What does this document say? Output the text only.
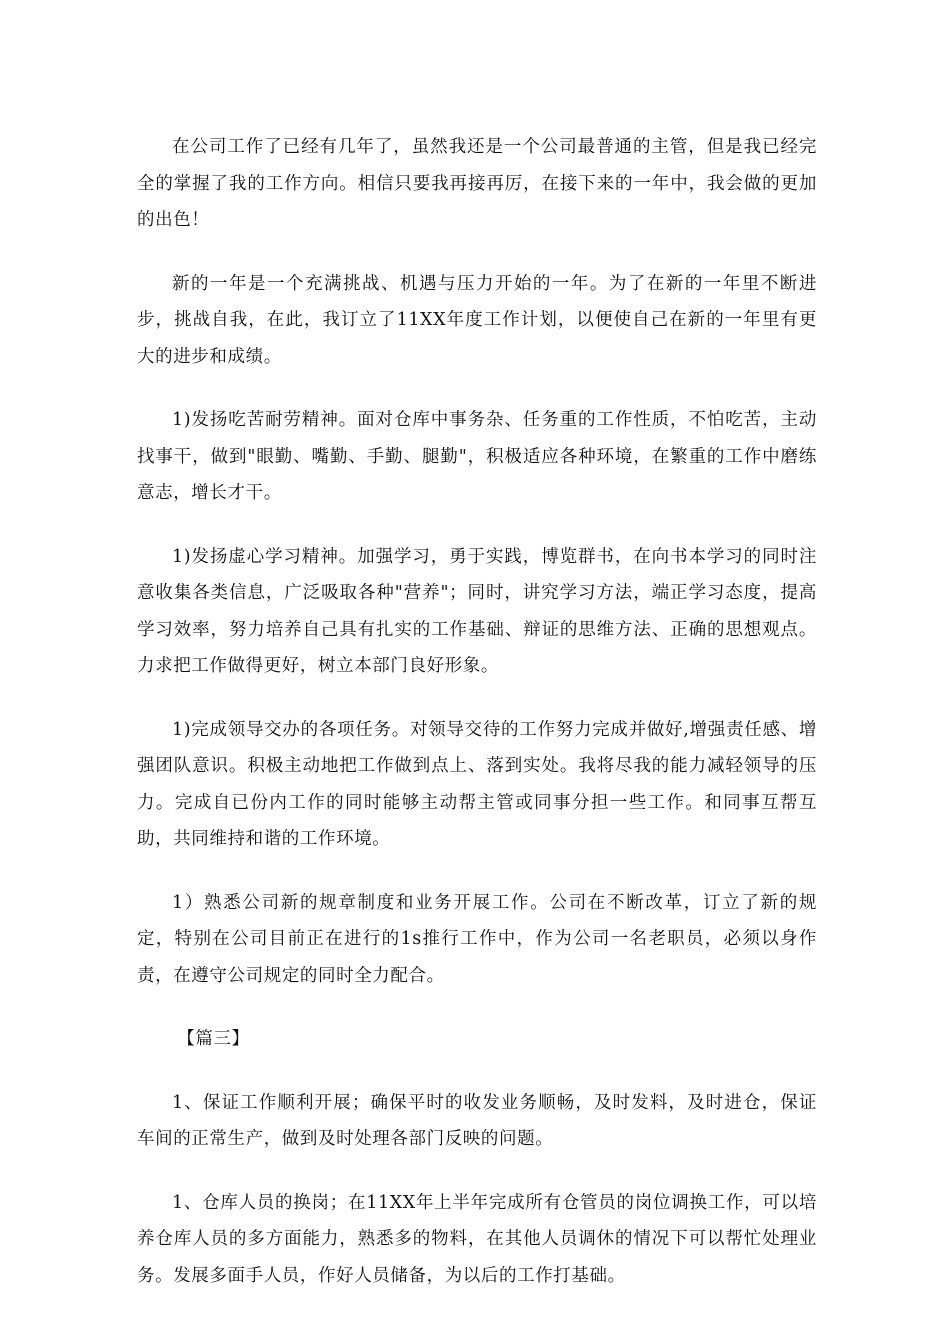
在公司工作了已经有几年了，虽然我还是一个公司最普通的主管，但是我已经完全的掌握了我的工作方向。相信只要我再接再厉，在接下来的一年中，我会做的更加的出色！

新的一年是一个充满挑战、机遇与压力开始的一年。为了在新的一年里不断进步，挑战自我，在此，我订立了11XX年度工作计划，以便使自己在新的一年里有更大的进步和成绩。

1)发扬吃苦耐劳精神。面对仓库中事务杂、任务重的工作性质，不怕吃苦，主动找事干，做到"眼勤、嘴勤、手勤、腿勤"，积极适应各种环境，在繁重的工作中磨练意志，增长才干。

1)发扬虚心学习精神。加强学习，勇于实践，博览群书，在向书本学习的同时注意收集各类信息，广泛吸取各种"营养"；同时，讲究学习方法，端正学习态度，提高学习效率，努力培养自己具有扎实的工作基础、辩证的思维方法、正确的思想观点。力求把工作做得更好，树立本部门良好形象。

1)完成领导交办的各项任务。对领导交待的工作努力完成并做好,增强责任感、增强团队意识。积极主动地把工作做到点上、落到实处。我将尽我的能力减轻领导的压力。完成自已份内工作的同时能够主动帮主管或同事分担一些工作。和同事互帮互助，共同维持和谐的工作环境。

1）熟悉公司新的规章制度和业务开展工作。公司在不断改革，订立了新的规定，特别在公司目前正在进行的1s推行工作中，作为公司一名老职员，必须以身作责，在遵守公司规定的同时全力配合。

【篇三】

1、保证工作顺利开展；确保平时的收发业务顺畅，及时发料，及时进仓，保证车间的正常生产，做到及时处理各部门反映的问题。

1、仓库人员的换岗；在11XX年上半年完成所有仓管员的岗位调换工作，可以培养仓库人员的多方面能力，熟悉多的物料，在其他人员调休的情况下可以帮忙处理业务。发展多面手人员，作好人员储备，为以后的工作打基础。
